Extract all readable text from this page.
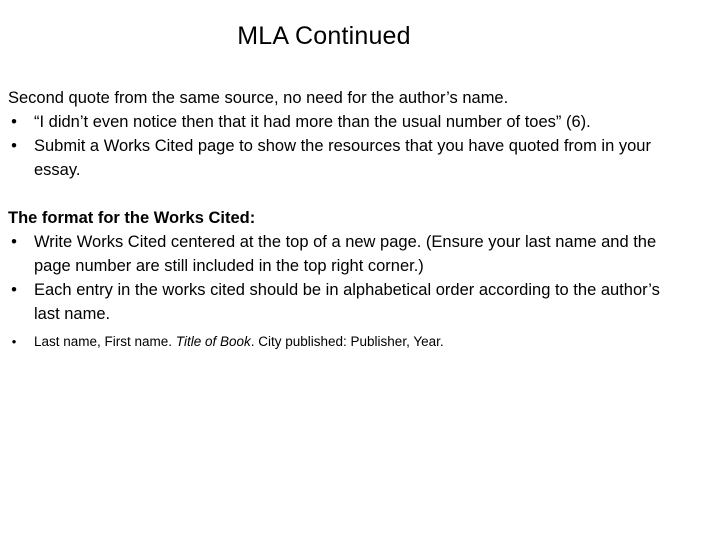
MLA Continued

Second quote from the same source, no need for the author’s name.

• “I didn’t even notice then that it had more than the usual number of toes” (6).
• Submit a Works Cited page to show the resources that you have quoted from in your essay.

The format for the Works Cited:

• Write Works Cited centered at the top of a new page. (Ensure your last name and the page number are still included in the top right corner.)
• Each entry in the works cited should be in alphabetical order according to the author’s last name.
• Last name, First name. Title of Book. City published: Publisher, Year.
